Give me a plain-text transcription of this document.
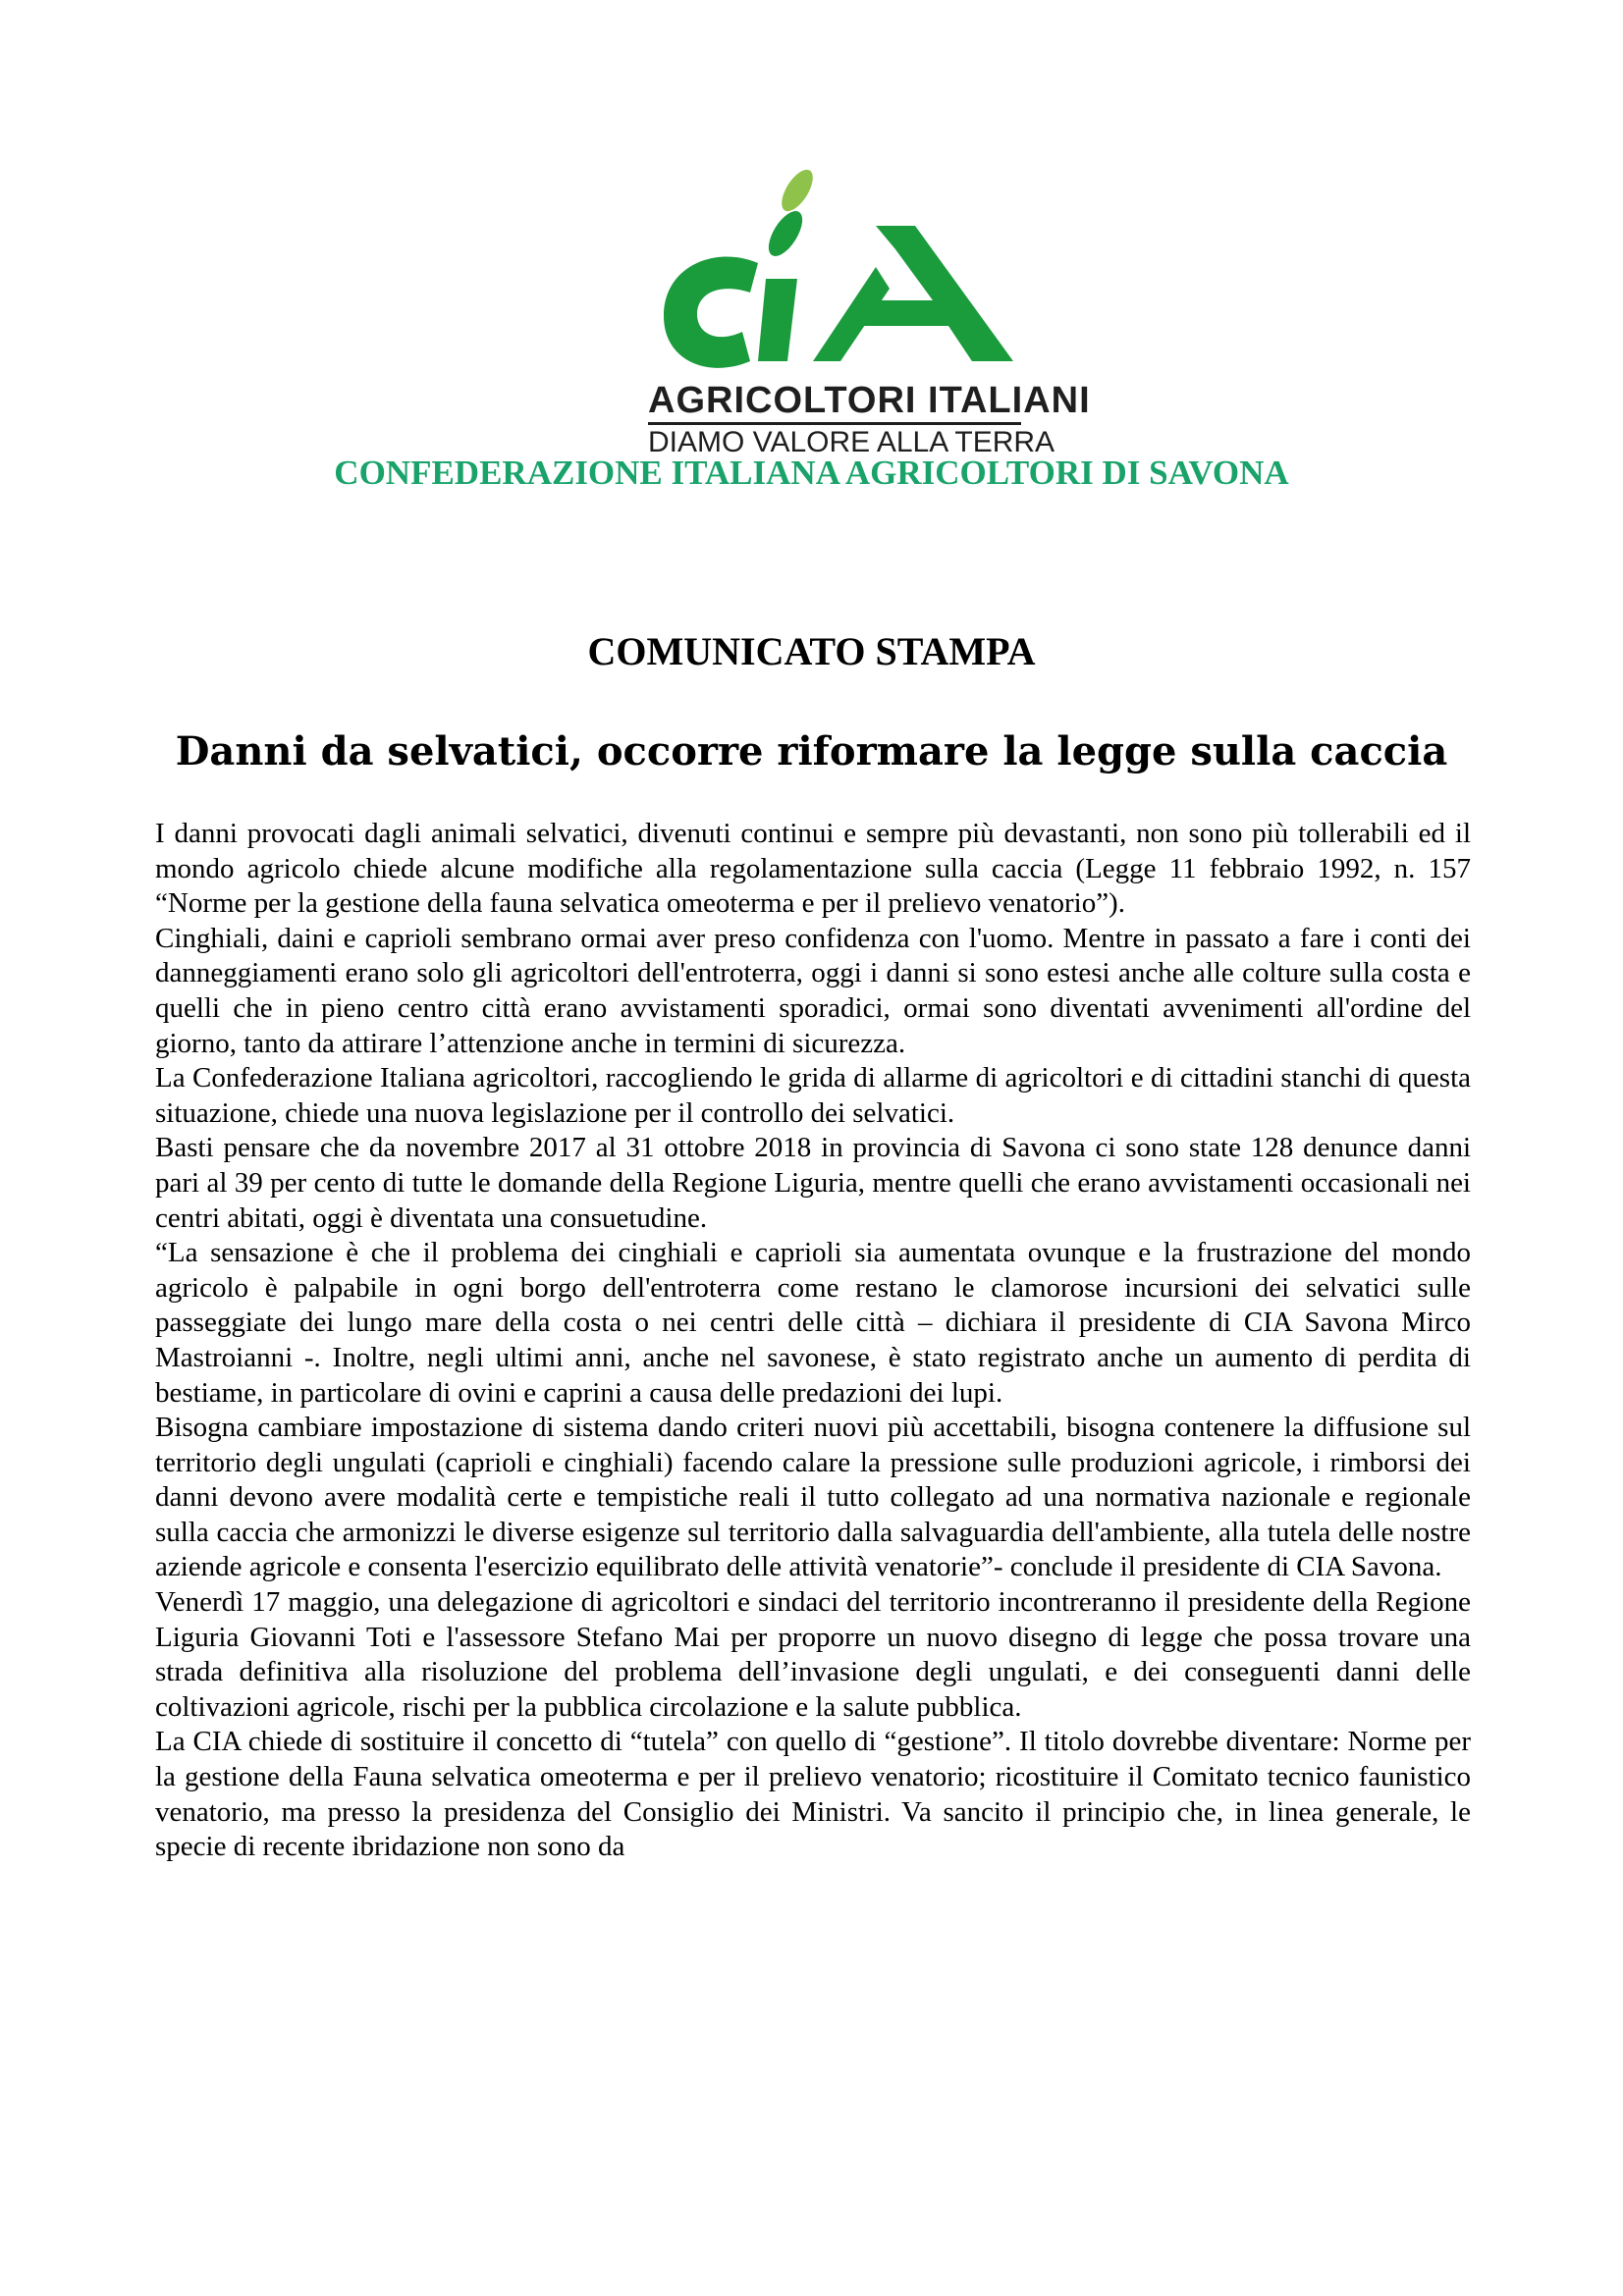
AGRICOLTORI ITALIANI
DIAMO VALORE ALLA TERRA
CONFEDERAZIONE ITALIANA AGRICOLTORI DI SAVONA
COMUNICATO STAMPA
Danni da selvatici, occorre riformare la legge sulla caccia

I danni provocati dagli animali selvatici, divenuti continui e sempre più devastanti, non sono più tollerabili ed il mondo agricolo chiede alcune modifiche alla regolamentazione sulla caccia (Legge 11 febbraio 1992, n. 157 “Norme per la gestione della fauna selvatica omeoterma e per il prelievo venatorio”).

Cinghiali, daini e caprioli sembrano ormai aver preso confidenza con l'uomo. Mentre in passato a fare i conti dei danneggiamenti erano solo gli agricoltori dell'entroterra, oggi i danni si sono estesi anche alle colture sulla costa e quelli che in pieno centro città erano avvistamenti sporadici, ormai sono diventati avvenimenti all'ordine del giorno, tanto da attirare l’attenzione anche in termini di sicurezza.

La Confederazione Italiana agricoltori, raccogliendo le grida di allarme di agricoltori e di cittadini stanchi di questa situazione, chiede una nuova legislazione per il controllo dei selvatici.

Basti pensare che da novembre 2017 al 31 ottobre 2018 in provincia di Savona ci sono state 128 denunce danni pari al 39 per cento di tutte le domande della Regione Liguria, mentre quelli che erano avvistamenti occasionali nei centri abitati, oggi è diventata una consuetudine.

“La sensazione è che il problema dei cinghiali e caprioli sia aumentata ovunque e la frustrazione del mondo agricolo è palpabile in ogni borgo dell'entroterra come restano le clamorose incursioni dei selvatici sulle passeggiate dei lungo mare della costa o nei centri delle città – dichiara il presidente di CIA Savona Mirco Mastroianni -. Inoltre, negli ultimi anni, anche nel savonese, è stato registrato anche un aumento di perdita di bestiame, in particolare di ovini e caprini a causa delle predazioni dei lupi.

Bisogna cambiare impostazione di sistema dando criteri nuovi più accettabili, bisogna contenere la diffusione sul territorio degli ungulati (caprioli e cinghiali) facendo calare la pressione sulle produzioni agricole, i rimborsi dei danni devono avere modalità certe e tempistiche reali il tutto collegato ad una normativa nazionale e regionale sulla caccia che armonizzi le diverse esigenze sul territorio dalla salvaguardia dell'ambiente, alla tutela delle nostre aziende agricole e consenta l'esercizio equilibrato delle attività venatorie”- conclude il presidente di CIA Savona.

Venerdì 17 maggio, una delegazione di agricoltori e sindaci del territorio incontreranno il presidente della Regione Liguria Giovanni Toti e l'assessore Stefano Mai per proporre un nuovo disegno di legge che possa trovare una strada definitiva alla risoluzione del problema dell’invasione degli ungulati, e dei conseguenti danni delle coltivazioni agricole, rischi per la pubblica circolazione e la salute pubblica.

La CIA chiede di sostituire il concetto di “tutela” con quello di “gestione”. Il titolo dovrebbe diventare: Norme per la gestione della Fauna selvatica omeoterma e per il prelievo venatorio; ricostituire il Comitato tecnico faunistico venatorio, ma presso la presidenza del Consiglio dei Ministri. Va sancito il principio che, in linea generale, le specie di recente ibridazione non sono da
